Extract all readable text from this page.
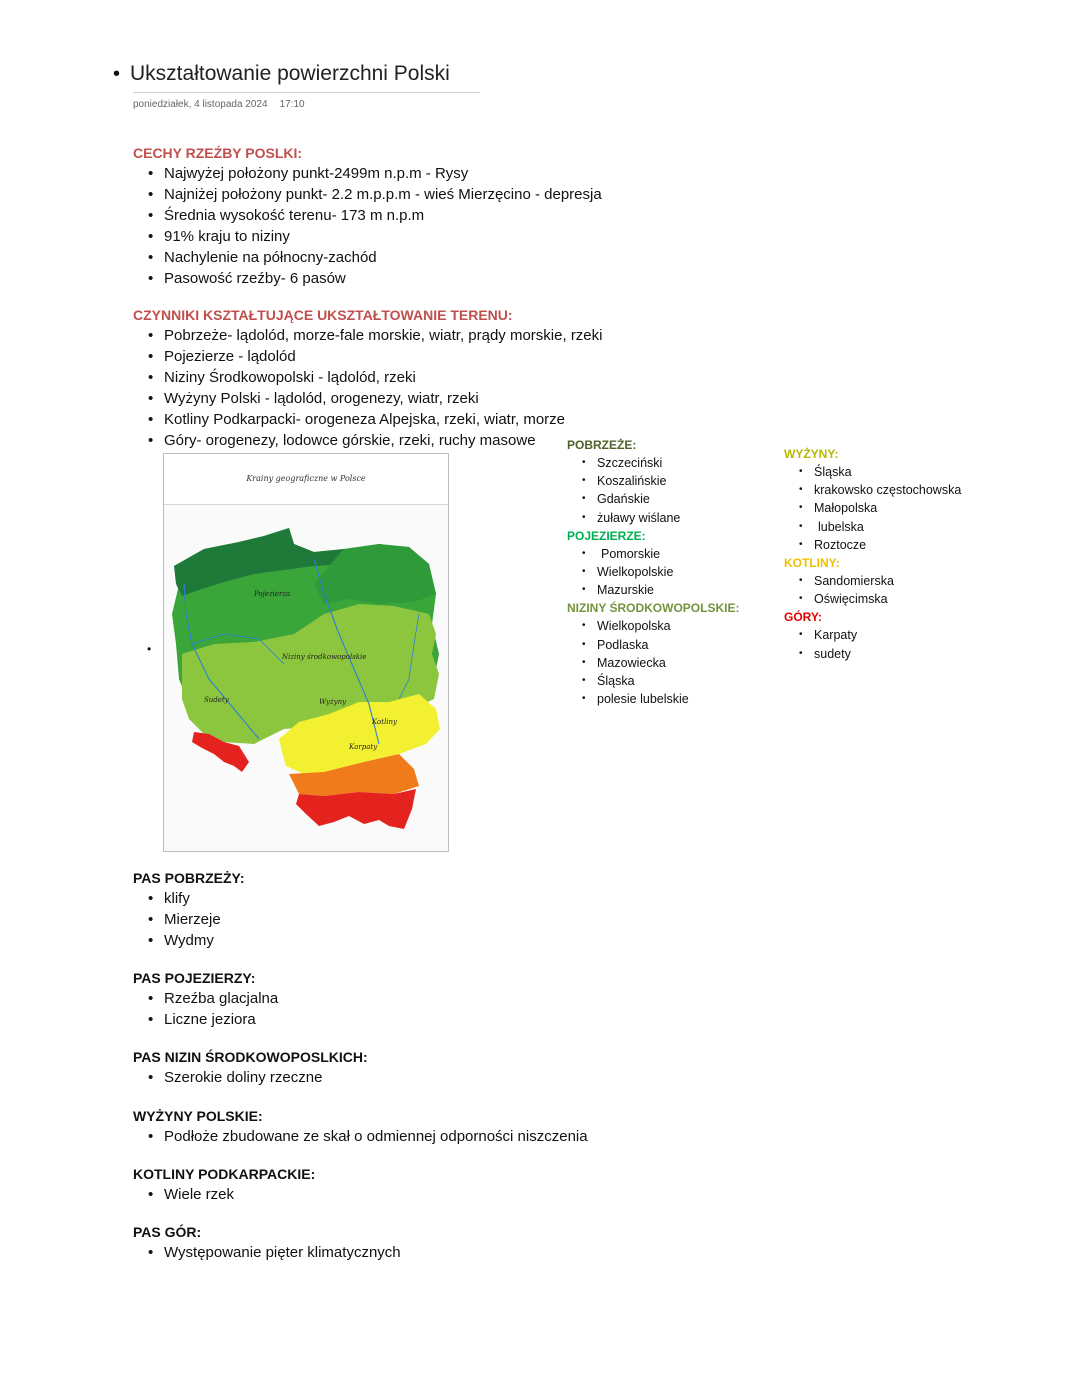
• Ukształtowanie powierzchni Polski
poniedziałek, 4 listopada 2024 17:10
CECHY RZEŹBY POSLKI:
• Najwyżej położony punkt-2499m n.p.m - Rysy
• Najniżej położony punkt- 2.2 m.p.p.m - wieś Mierzęcino - depresja
• Średnia wysokość terenu- 173 m n.p.m
• 91% kraju to niziny
• Nachylenie na północny-zachód
• Pasowość rzeźby- 6 pasów
CZYNNIKI KSZTAŁTUJĄCE UKSZTAŁTOWANIE TERENU:
• Pobrzeże- lądolód, morze-fale morskie, wiatr, prądy morskie, rzeki
• Pojezierze - lądolód
• Niziny Środkowopolski - lądolód, rzeki
• Wyżyny Polski - lądolód, orogenezy, wiatr, rzeki
• Kotliny Podkarpacki- orogeneza Alpejska, rzeki, wiatr, morze
• Góry- orogenezy, lodowce górskie, rzeki, ruchy masowe
•
Krainy geograficzne w Polsce
Pojezierza
Niziny środkowopolskie
Wyżyny
Kotliny
Karpaty
Sudety
POBRZEŻE:
• Szczeciński
• Koszalińskie
• Gdańskie
• żuławy wiślane
POJEZIERZE:
• Pomorskie
• Wielkopolskie
• Mazurskie
NIZINY ŚRODKOWOPOLSKIE:
• Wielkopolska
• Podlaska
• Mazowiecka
• Śląska
• polesie lubelskie
WYŻYNY:
• Śląska
• krakowsko częstochowska
• Małopolska
• lubelska
• Roztocze
KOTLINY:
• Sandomierska
• Oświęcimska
GÓRY:
• Karpaty
• sudety
PAS POBRZEŻY:
• klify
• Mierzeje
• Wydmy
PAS POJEZIERZY:
• Rzeźba glacjalna
• Liczne jeziora
PAS NIZIN ŚRODKOWOPOSLKICH:
• Szerokie doliny rzeczne
WYŻYNY POLSKIE:
• Podłoże zbudowane ze skał o odmiennej odporności niszczenia
KOTLINY PODKARPACKIE:
• Wiele rzek
PAS GÓR:
• Występowanie pięter klimatycznych
